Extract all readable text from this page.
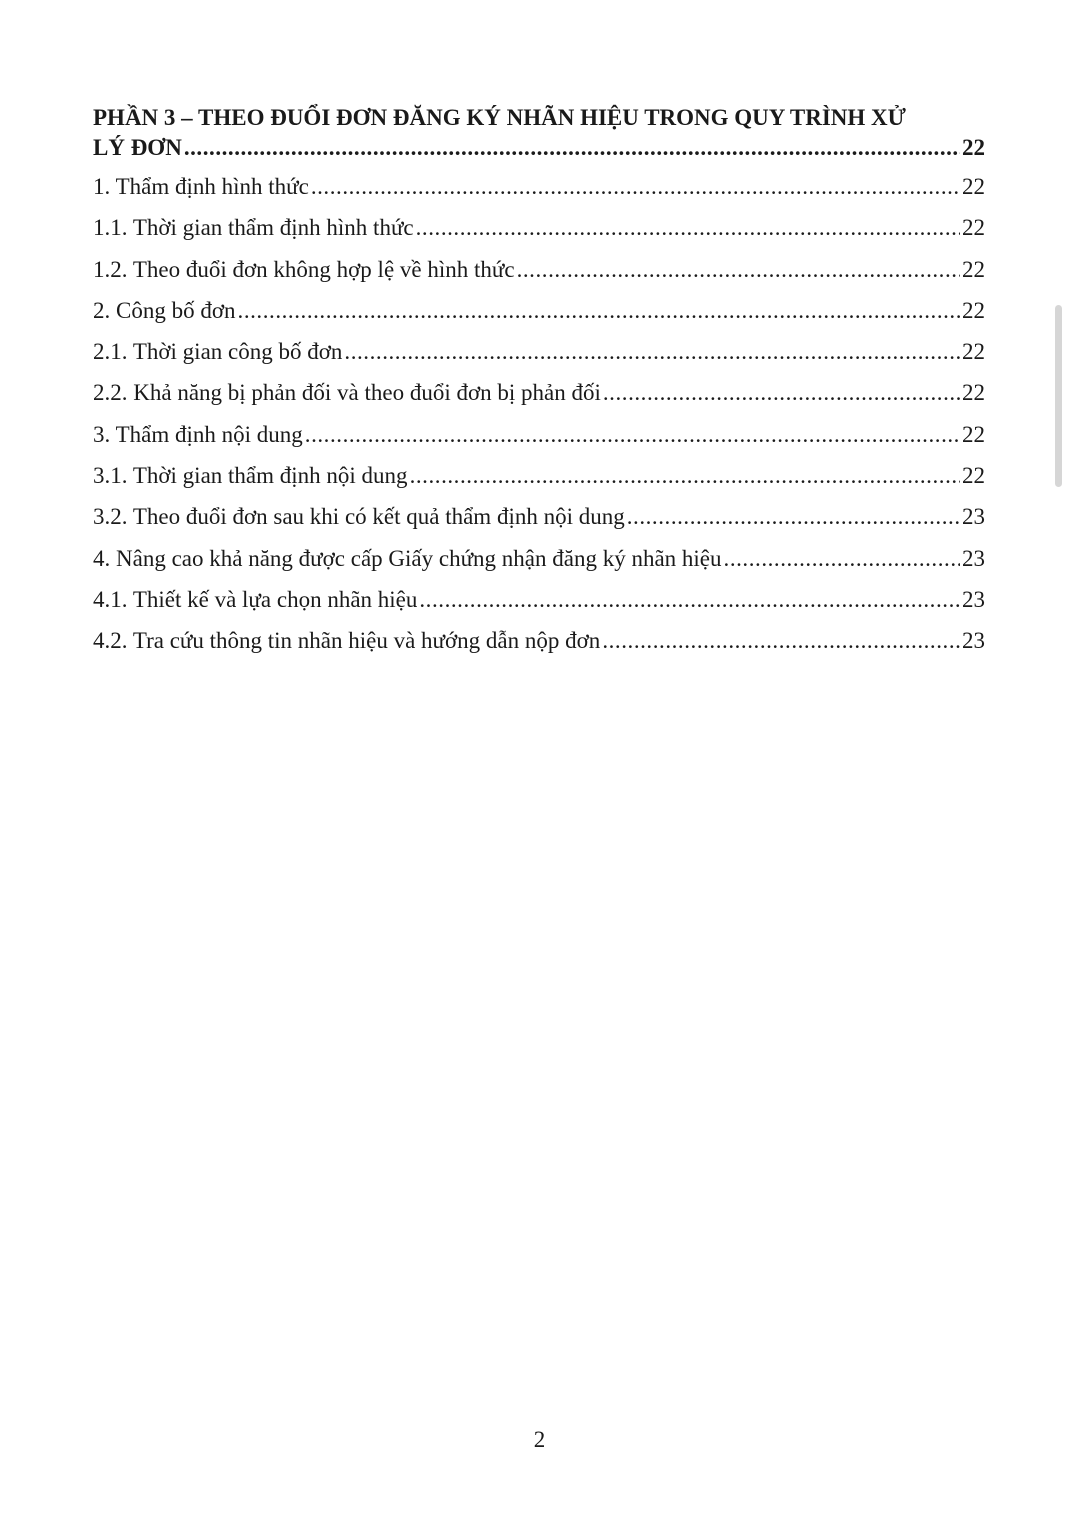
PHẦN 3 – THEO ĐUỔI ĐƠN ĐĂNG KÝ NHÃN HIỆU TRONG QUY TRÌNH XỬ
LÝ ĐƠN . . .	22
1. Thẩm định hình thức . . .	22
1.1. Thời gian thẩm định hình thức . . .	22
1.2. Theo đuổi đơn không hợp lệ về hình thức . . .	22
2. Công bố đơn . . .	22
2.1. Thời gian công bố đơn . . .	22
2.2. Khả năng bị phản đối và theo đuổi đơn bị phản đối . . .	22
3. Thẩm định nội dung . . .	22
3.1. Thời gian thẩm định nội dung . . .	22
3.2. Theo đuổi đơn sau khi có kết quả thẩm định nội dung . . .	23
4. Nâng cao khả năng được cấp Giấy chứng nhận đăng ký nhãn hiệu . . .	23
4.1. Thiết kế và lựa chọn nhãn hiệu . . .	23
4.2. Tra cứu thông tin nhãn hiệu và hướng dẫn nộp đơn . . .	23
2
